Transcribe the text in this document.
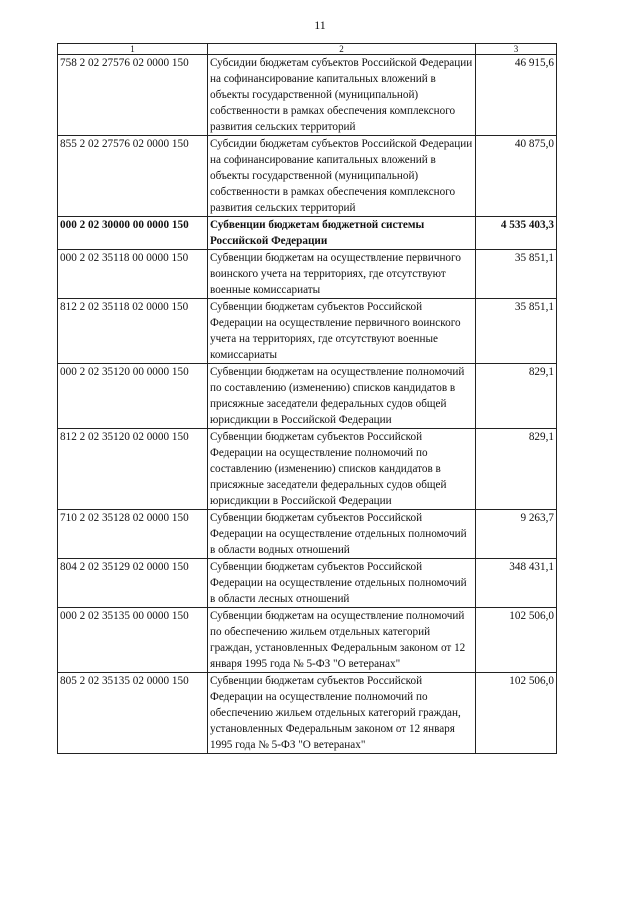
11
1	2	3
758 2 02 27576 02 0000 150	Субсидии бюджетам субъектов Российской Федерации на софинансирование капитальных вложений в объекты государственной (муниципальной) собственности в рамках обеспечения комплексного развития сельских территорий	46 915,6
855 2 02 27576 02 0000 150	Субсидии бюджетам субъектов Российской Федерации на софинансирование капитальных вложений в объекты государственной (муниципальной) собственности в рамках обеспечения комплексного развития сельских территорий	40 875,0
000 2 02 30000 00 0000 150	Субвенции бюджетам бюджетной системы Российской Федерации	4 535 403,3
000 2 02 35118 00 0000 150	Субвенции бюджетам на осуществление первичного воинского учета на территориях, где отсутствуют военные комиссариаты	35 851,1
812 2 02 35118 02 0000 150	Субвенции бюджетам субъектов Российской Федерации на осуществление первичного воинского учета на территориях, где отсутствуют военные комиссариаты	35 851,1
000 2 02 35120 00 0000 150	Субвенции бюджетам на осуществление полномочий по составлению (изменению) списков кандидатов в присяжные заседатели федеральных судов общей юрисдикции в Российской Федерации	829,1
812 2 02 35120 02 0000 150	Субвенции бюджетам субъектов Российской Федерации на осуществление полномочий по составлению (изменению) списков кандидатов в присяжные заседатели федеральных судов общей юрисдикции в Российской Федерации	829,1
710 2 02 35128 02 0000 150	Субвенции бюджетам субъектов Российской Федерации на осуществление отдельных полномочий в области водных отношений	9 263,7
804 2 02 35129 02 0000 150	Субвенции бюджетам субъектов Российской Федерации на осуществление отдельных полномочий в области лесных отношений	348 431,1
000 2 02 35135 00 0000 150	Субвенции бюджетам на осуществление полномочий по обеспечению жильем отдельных категорий граждан, установленных Федеральным законом от 12 января 1995 года № 5-ФЗ "О ветеранах"	102 506,0
805 2 02 35135 02 0000 150	Субвенции бюджетам субъектов Российской Федерации на осуществление полномочий по обеспечению жильем отдельных категорий граждан, установленных Федеральным законом от 12 января 1995 года № 5-ФЗ "О ветеранах"	102 506,0
